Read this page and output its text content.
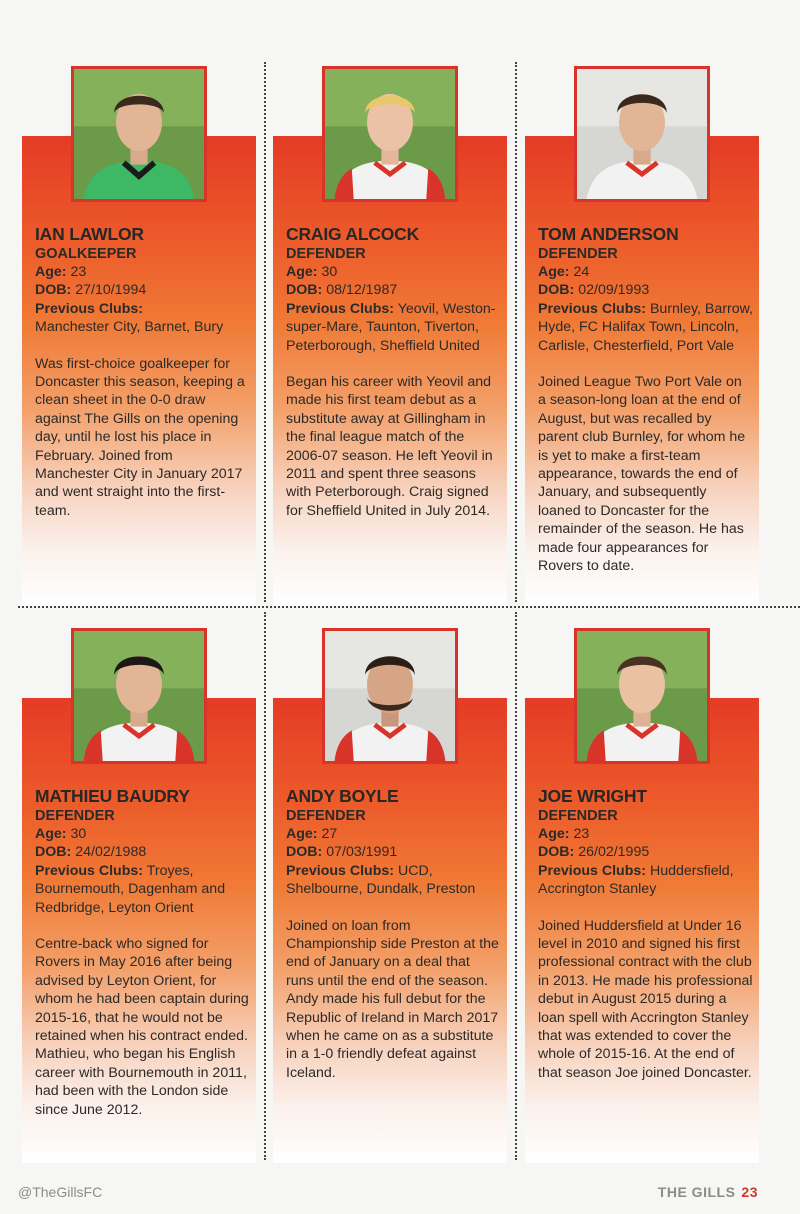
IAN LAWLOR
GOALKEEPER
Age: 23
DOB: 27/10/1994
Previous Clubs:
Manchester City, Barnet, Bury
Was first-choice goalkeeper for Doncaster this season, keeping a clean sheet in the 0-0 draw against The Gills on the opening day, until he lost his place in February. Joined from Manchester City in January 2017 and went straight into the first-team.
CRAIG ALCOCK
DEFENDER
Age: 30
DOB: 08/12/1987
Previous Clubs: Yeovil, Weston-super-Mare, Taunton, Tiverton, Peterborough, Sheffield United
Began his career with Yeovil and made his first team debut as a substitute away at Gillingham in the final league match of the 2006-07 season. He left Yeovil in 2011 and spent three seasons with Peterborough. Craig signed for Sheffield United in July 2014.
TOM ANDERSON
DEFENDER
Age: 24
DOB: 02/09/1993
Previous Clubs: Burnley, Barrow, Hyde, FC Halifax Town, Lincoln, Carlisle, Chesterfield, Port Vale
Joined League Two Port Vale on a season-long loan at the end of August, but was recalled by parent club Burnley, for whom he is yet to make a first-team appearance, towards the end of January, and subsequently loaned to Doncaster for the remainder of the season. He has made four appearances for Rovers to date.
MATHIEU BAUDRY
DEFENDER
Age: 30
DOB: 24/02/1988
Previous Clubs: Troyes, Bournemouth, Dagenham and Redbridge, Leyton Orient
Centre-back who signed for Rovers in May 2016 after being advised by Leyton Orient, for whom he had been captain during 2015-16, that he would not be retained when his contract ended. Mathieu, who began his English career with Bournemouth in 2011, had been with the London side since June 2012.
ANDY BOYLE
DEFENDER
Age: 27
DOB: 07/03/1991
Previous Clubs: UCD, Shelbourne, Dundalk, Preston
Joined on loan from Championship side Preston at the end of January on a deal that runs until the end of the season. Andy made his full debut for the Republic of Ireland in March 2017 when he came on as a substitute in a 1-0 friendly defeat against Iceland.
JOE WRIGHT
DEFENDER
Age: 23
DOB: 26/02/1995
Previous Clubs: Huddersfield, Accrington Stanley
Joined Huddersfield at Under 16 level in 2010 and signed his first professional contract with the club in 2013. He made his professional debut in August 2015 during a loan spell with Accrington Stanley that was extended to cover the whole of 2015-16. At the end of that season Joe joined Doncaster.
@TheGillsFC	THE GILLS 23
